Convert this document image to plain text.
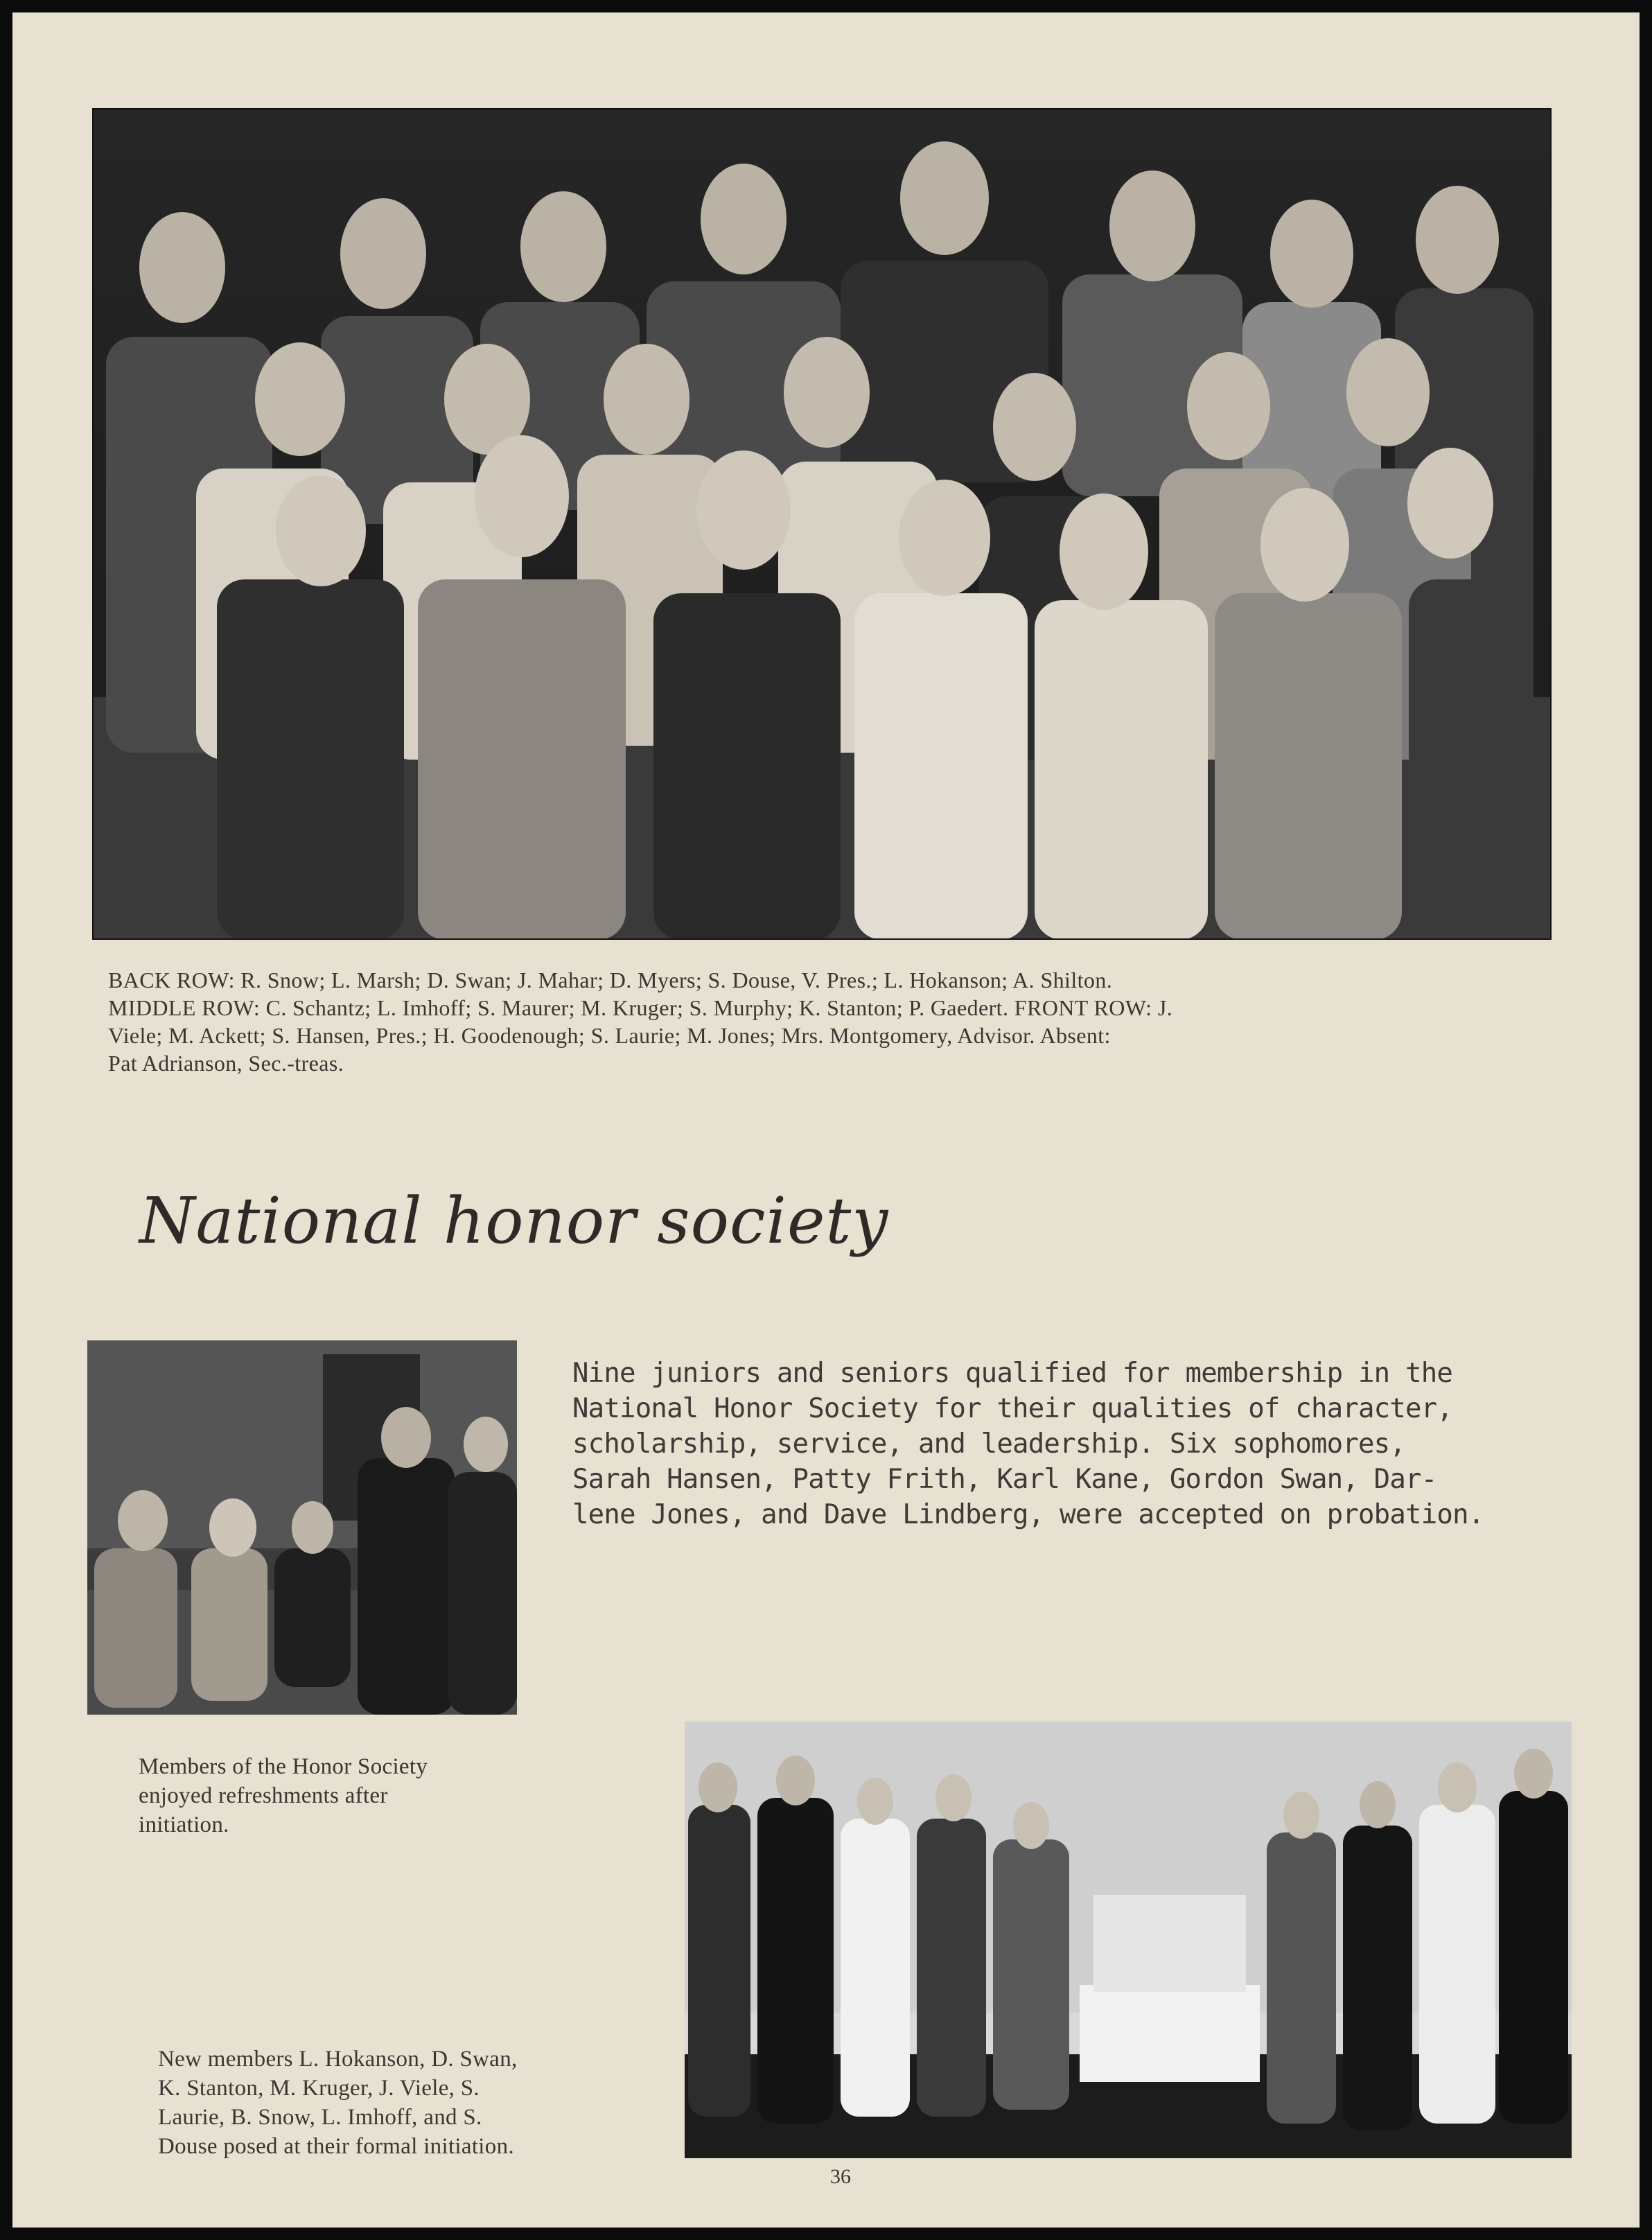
BACK ROW: R. Snow; L. Marsh; D. Swan; J. Mahar; D. Myers; S. Douse, V. Pres.; L. Hokanson; A. Shilton.

MIDDLE ROW: C. Schantz; L. Imhoff; S. Maurer; M. Kruger; S. Murphy; K. Stanton; P. Gaedert. FRONT ROW: J.

Viele; M. Ackett; S. Hansen, Pres.; H. Goodenough; S. Laurie; M. Jones; Mrs. Montgomery, Advisor. Absent:

Pat Adrianson, Sec.-treas.

National honor society
Nine juniors and seniors qualified for membership in the
National Honor Society for their qualities of character,
scholarship, service, and leadership. Six sophomores,
Sarah Hansen, Patty Frith, Karl Kane, Gordon Swan, Dar-
lene Jones, and Dave Lindberg, were accepted on probation.
Members of the Honor Society
enjoyed refreshments after
initiation.
New members L. Hokanson, D. Swan,
K. Stanton, M. Kruger, J. Viele, S.
Laurie, B. Snow, L. Imhoff, and S.
Douse posed at their formal initiation.
36
